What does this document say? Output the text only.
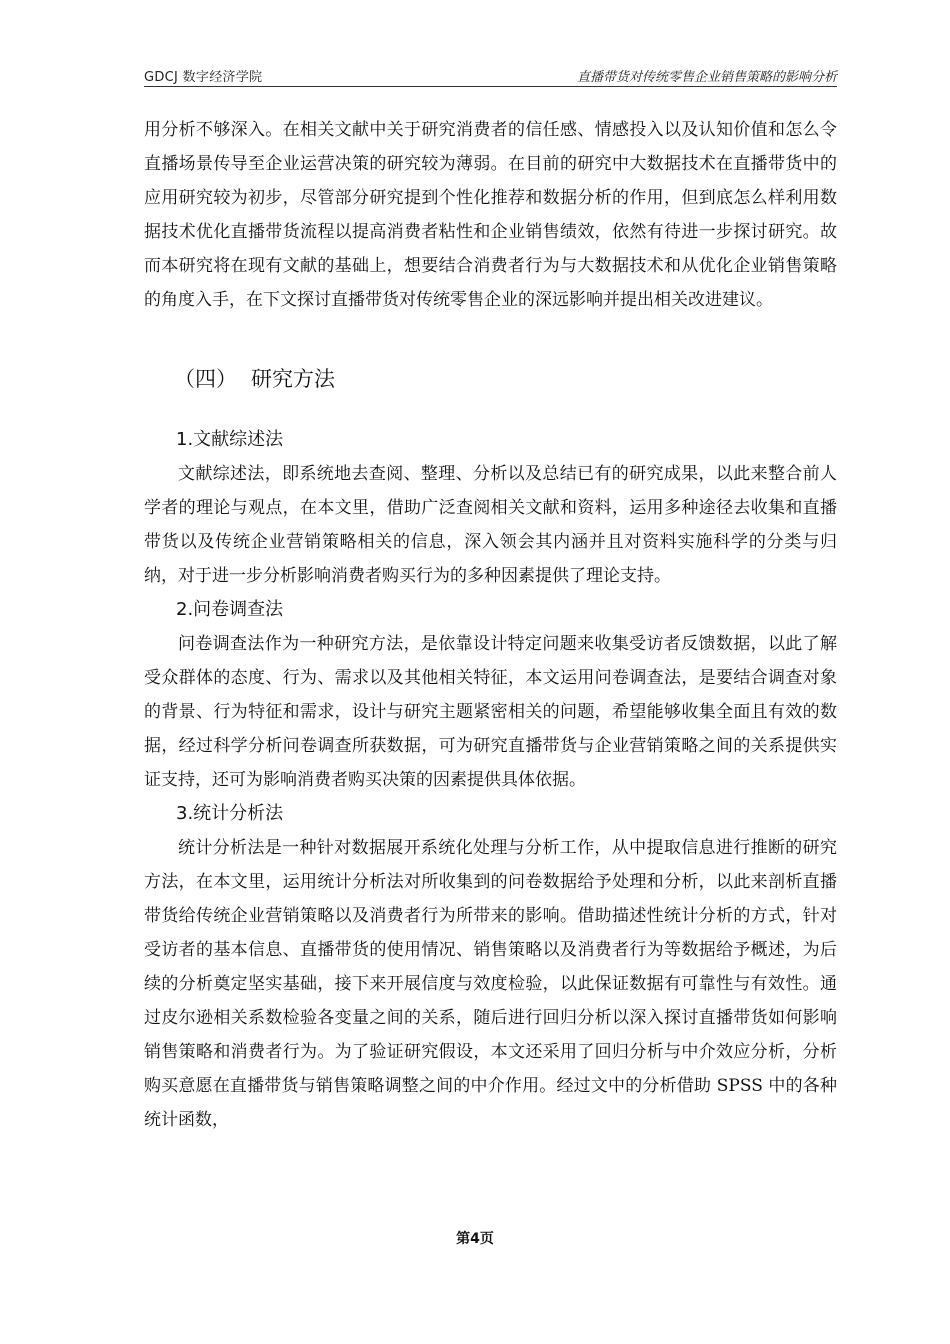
GDCJ 数字经济学院	直播带货对传统零售企业销售策略的影响分析

用分析不够深入。在相关文献中关于研究消费者的信任感、情感投入以及认知价值和怎么令直播场景传导至企业运营决策的研究较为薄弱。在目前的研究中大数据技术在直播带货中的应用研究较为初步，尽管部分研究提到个性化推荐和数据分析的作用，但到底怎么样利用数据技术优化直播带货流程以提高消费者粘性和企业销售绩效，依然有待进一步探讨研究。故而本研究将在现有文献的基础上，想要结合消费者行为与大数据技术和从优化企业销售策略的角度入手，在下文探讨直播带货对传统零售企业的深远影响并提出相关改进建议。

（四） 研究方法
1.文献综述法

文献综述法，即系统地去查阅、整理、分析以及总结已有的研究成果，以此来整合前人学者的理论与观点，在本文里，借助广泛查阅相关文献和资料，运用多种途径去收集和直播带货以及传统企业营销策略相关的信息，深入领会其内涵并且对资料实施科学的分类与归纳，对于进一步分析影响消费者购买行为的多种因素提供了理论支持。

2.问卷调查法

问卷调查法作为一种研究方法，是依靠设计特定问题来收集受访者反馈数据，以此了解受众群体的态度、行为、需求以及其他相关特征，本文运用问卷调查法，是要结合调查对象的背景、行为特征和需求，设计与研究主题紧密相关的问题，希望能够收集全面且有效的数据，经过科学分析问卷调查所获数据，可为研究直播带货与企业营销策略之间的关系提供实证支持，还可为影响消费者购买决策的因素提供具体依据。

3.统计分析法

统计分析法是一种针对数据展开系统化处理与分析工作，从中提取信息进行推断的研究方法，在本文里，运用统计分析法对所收集到的问卷数据给予处理和分析，以此来剖析直播带货给传统企业营销策略以及消费者行为所带来的影响。借助描述性统计分析的方式，针对受访者的基本信息、直播带货的使用情况、销售策略以及消费者行为等数据给予概述，为后续的分析奠定坚实基础，接下来开展信度与效度检验，以此保证数据有可靠性与有效性。通过皮尔逊相关系数检验各变量之间的关系，随后进行回归分析以深入探讨直播带货如何影响销售策略和消费者行为。为了验证研究假设，本文还采用了回归分析与中介效应分析，分析购买意愿在直播带货与销售策略调整之间的中介作用。经过文中的分析借助 SPSS 中的各种统计函数，

第4页
